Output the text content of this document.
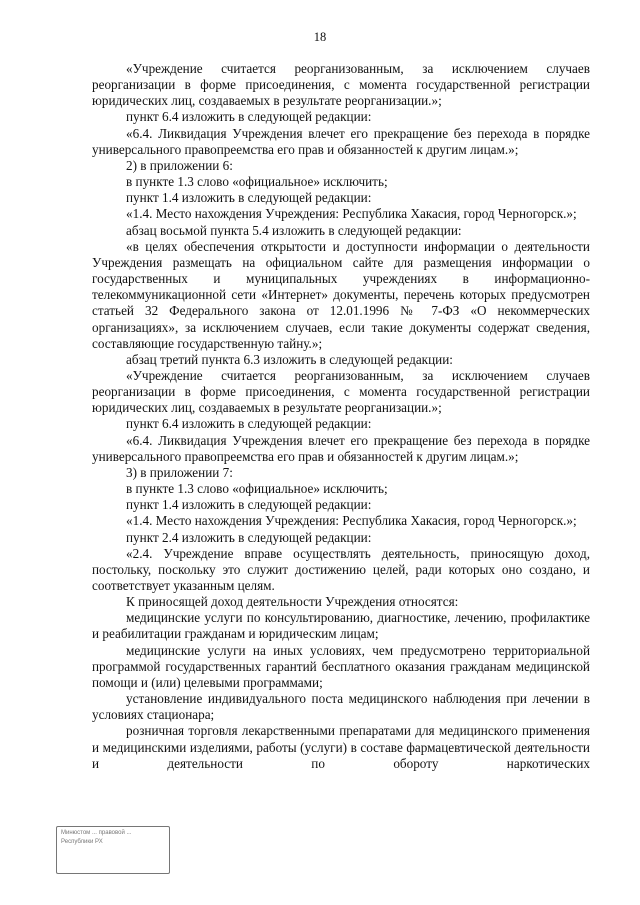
18

«Учреждение считается реорганизованным, за исключением случаев реорганизации в форме присоединения, с момента государственной регистрации юридических лиц, создаваемых в результате реорганизации.»;

пункт 6.4 изложить в следующей редакции:

«6.4. Ликвидация Учреждения влечет его прекращение без перехода в порядке универсального правопреемства его прав и обязанностей к другим лицам.»;

2) в приложении 6:

в пункте 1.3 слово «официальное» исключить;

пункт 1.4 изложить в следующей редакции:

«1.4. Место нахождения Учреждения: Республика Хакасия, город Черногорск.»;

абзац восьмой пункта 5.4 изложить в следующей редакции:

«в целях обеспечения открытости и доступности информации о деятельности Учреждения размещать на официальном сайте для размещения информации о государственных и муниципальных учреждениях в информационно-телекоммуникационной сети «Интернет» документы, перечень которых предусмотрен статьей 32 Федерального закона от 12.01.1996 № 7-ФЗ «О некоммерческих организациях», за исключением случаев, если такие документы содержат сведения, составляющие государственную тайну.»;

абзац третий пункта 6.3 изложить в следующей редакции:

«Учреждение считается реорганизованным, за исключением случаев реорганизации в форме присоединения, с момента государственной регистрации юридических лиц, создаваемых в результате реорганизации.»;

пункт 6.4 изложить в следующей редакции:

«6.4. Ликвидация Учреждения влечет его прекращение без перехода в порядке универсального правопреемства его прав и обязанностей к другим лицам.»;

3) в приложении 7:

в пункте 1.3 слово «официальное» исключить;

пункт 1.4 изложить в следующей редакции:

«1.4. Место нахождения Учреждения: Республика Хакасия, город Черногорск.»;

пункт 2.4 изложить в следующей редакции:

«2.4. Учреждение вправе осуществлять деятельность, приносящую доход, постольку, поскольку это служит достижению целей, ради которых оно создано, и соответствует указанным целям.

К приносящей доход деятельности Учреждения относятся:

медицинские услуги по консультированию, диагностике, лечению, профилактике и реабилитации гражданам и юридическим лицам;

медицинские услуги на иных условиях, чем предусмотрено территориальной программой государственных гарантий бесплатного оказания гражданам медицинской помощи и (или) целевыми программами;

установление индивидуального поста медицинского наблюдения при лечении в условиях стационара;

розничная торговля лекарственными препаратами для медицинского применения и медицинскими изделиями, работы (услуги) в составе фармацевтической деятельности и деятельности по обороту наркотических

Минюстом ... правовой ... Республики РХ
